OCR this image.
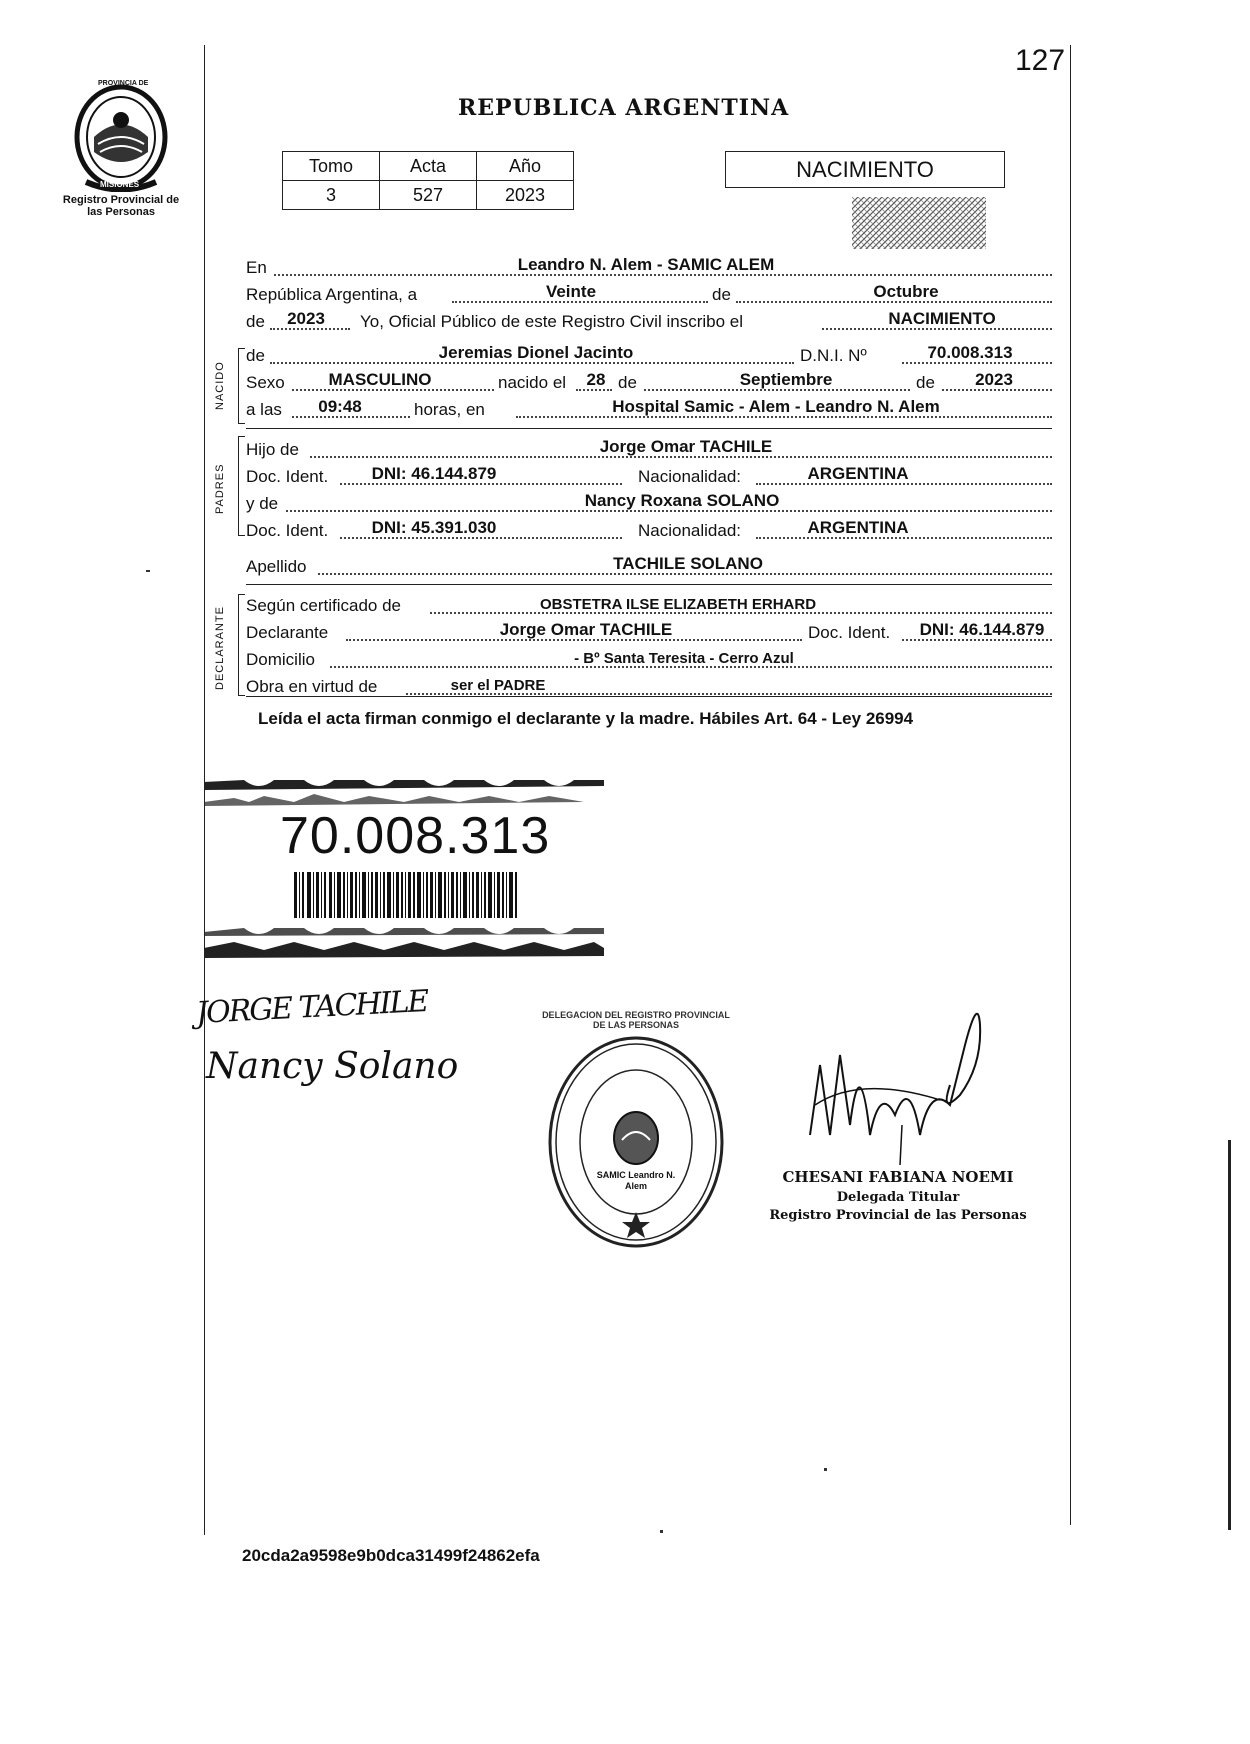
PROVINCIA DE
MISIONES
Registro Provincial de las Personas
127
REPUBLICA ARGENTINA
Tomo	Acta	Año
3	527	2023
NACIMIENTO
En	Leandro N. Alem - SAMIC ALEM
República Argentina, a	Veinte	de	Octubre
de 2023 Yo, Oficial Público de este Registro Civil inscribo el	NACIMIENTO
NACIDO
de	Jeremias Dionel Jacinto	D.N.I. Nº	70.008.313
Sexo	MASCULINO	nacido el 28 de	Septiembre	de 2023
a las 09:48	horas, en	Hospital Samic - Alem - Leandro N. Alem
PADRES
Hijo de	Jorge Omar TACHILE
Doc. Ident.	DNI: 46.144.879	Nacionalidad:	ARGENTINA
y de	Nancy Roxana SOLANO
Doc. Ident.	DNI: 45.391.030	Nacionalidad:	ARGENTINA
Apellido	TACHILE SOLANO
DECLARANTE
Según certificado de	OBSTETRA ILSE ELIZABETH ERHARD
Declarante	Jorge Omar TACHILE	Doc. Ident. DNI: 46.144.879
Domicilio	- Bº Santa Teresita - Cerro Azul
Obra en virtud de	ser el PADRE
Leída el acta firman conmigo el declarante y la madre. Hábiles Art. 64 - Ley 26994
70.008.313
JORGE TACHILE
Nancy Solano
DELEGACION DEL REGISTRO PROVINCIAL DE LAS PERSONAS
SAMIC Leandro N. Alem	CHESANI FABIANA NOEMI
Delegada Titular
Registro Provincial de las Personas
20cda2a9598e9b0dca31499f24862efa
